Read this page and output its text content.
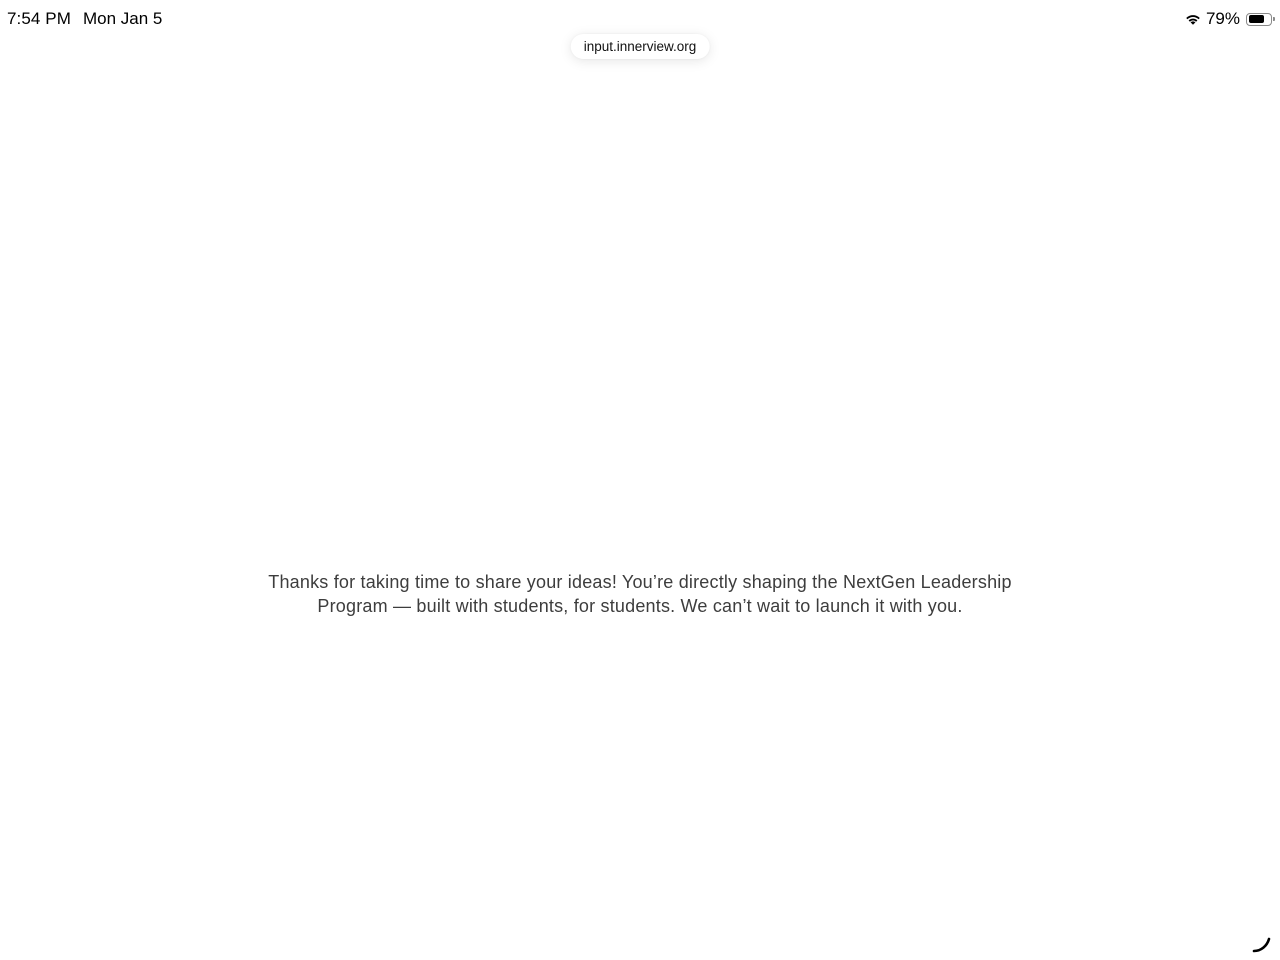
7:54 PM Mon Jan 5	79%
input.innerview.org

Thanks for taking time to share your ideas! You’re directly shaping the NextGen Leadership
Program — built with students, for students. We can’t wait to launch it with you.
